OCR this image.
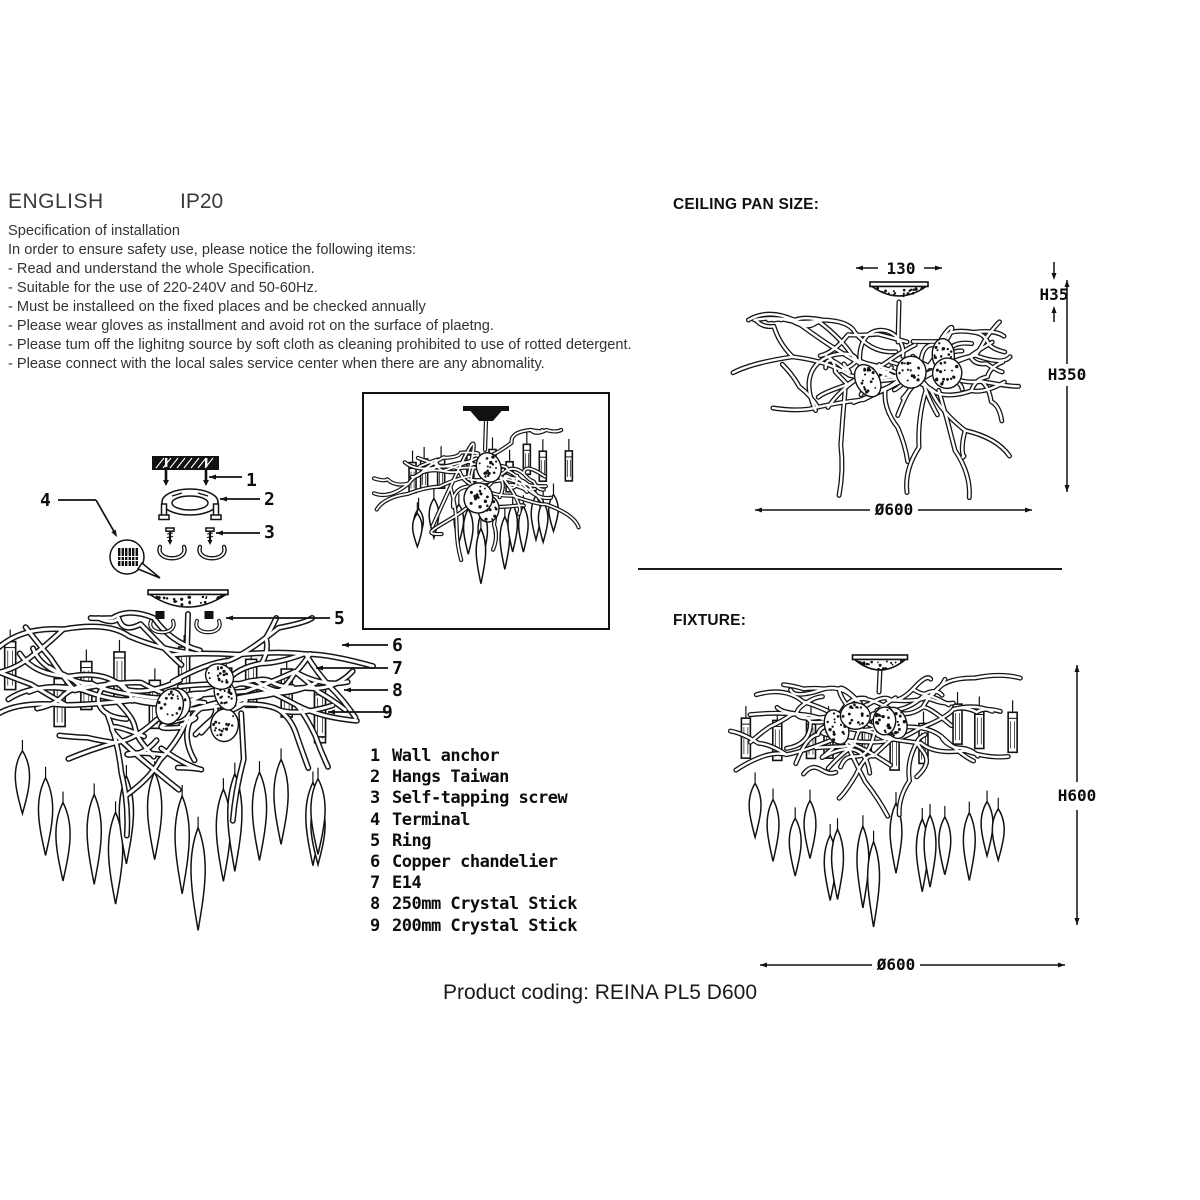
ENGLISH	IP20
Specification of installation
In order to ensure safety use, please notice the following items:
- Read and understand the whole Specification.
- Suitable for the use of 220-240V and 50-60Hz.
- Must be installeed on the fixed places and be checked annually
- Please wear gloves as installment and avoid rot on the surface of plaetng.
- Please tum off the lighitng source by soft cloth as cleaning prohibited to use of rotted detergent.
- Please connect with the local sales service center when there are any abnomality.
1
2
3
4
5
6
7
8
9
1 Wall anchor
2 Hangs Taiwan
3 Self-tapping screw
4 Terminal
5 Ring
6 Copper chandelier
7 E14
8 250mm Crystal Stick
9 200mm Crystal Stick
CEILING PAN SIZE:
130
H35
H350
Ø600
FIXTURE:
H600
Ø600
Product coding: REINA PL5 D600
